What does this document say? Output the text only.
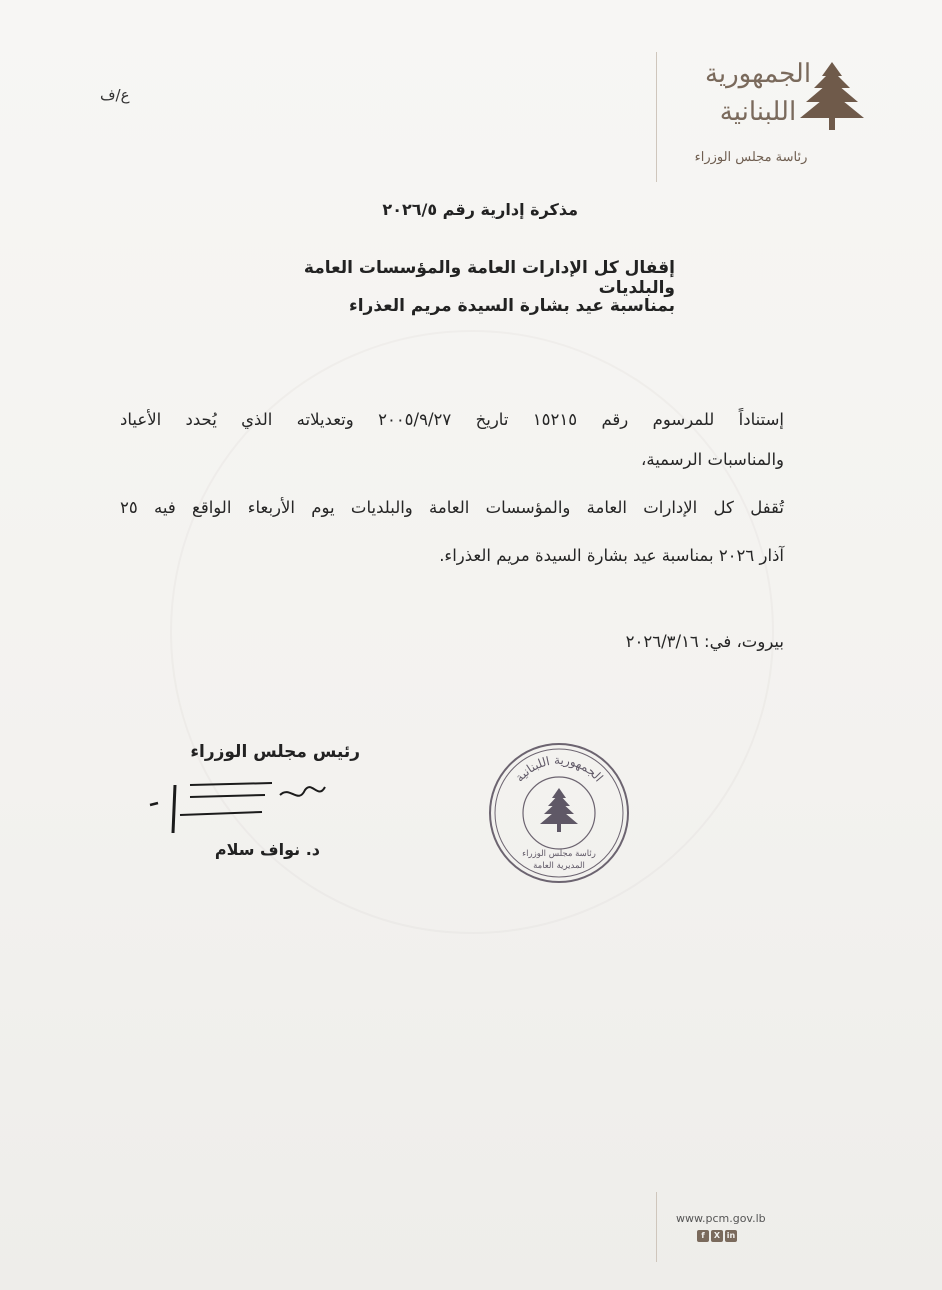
ع/ف
الجمهورية
اللبنانية
رئاسة مجلس الوزراء
مذكرة إدارية رقم ٢٠٢٦/٥
إقفال كل الإدارات العامة والمؤسسات العامة والبلديات
بمناسبة عيد بشارة السيدة مريم العذراء
إستناداً للمرسوم رقم ١٥٢١٥ تاريخ ٢٠٠٥/٩/٢٧ وتعديلاته الذي يُحدد الأعياد
والمناسبات الرسمية،
تُقفل كل الإدارات العامة والمؤسسات العامة والبلديات يوم الأربعاء الواقع فيه ٢٥
آذار ٢٠٢٦ بمناسبة عيد بشارة السيدة مريم العذراء.
بيروت، في: ٢٠٢٦/٣/١٦
رئيس مجلس الوزراء
د. نواف سلام
الجمهورية اللبنانية
رئاسة مجلس الوزراء
المديرية العامة
www.pcm.gov.lb
f	X in
